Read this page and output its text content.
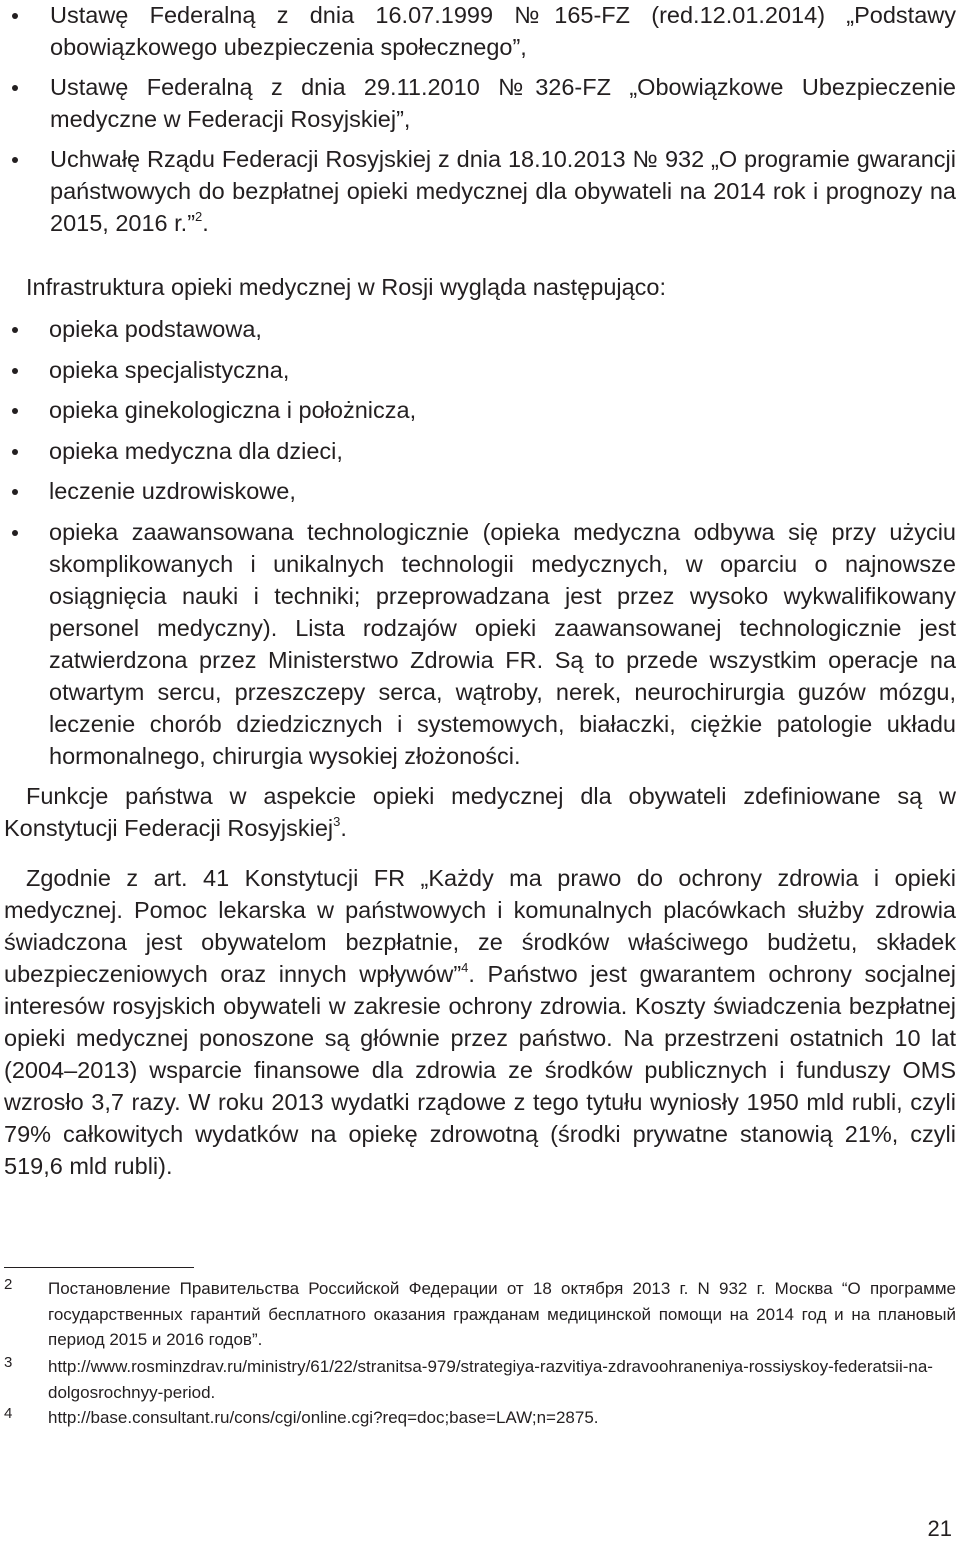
Ustawę Federalną z dnia 16.07.1999 №165-FZ (red.12.01.2014) „Podstawy obowiązkowego ubezpieczenia społecznego”,
Ustawę Federalną z dnia 29.11.2010 №326-FZ „Obowiązkowe Ubezpieczenie medyczne w Federacji Rosyjskiej”,
Uchwałę Rządu Federacji Rosyjskiej z dnia 18.10.2013 № 932 „O programie gwarancji państwowych do bezpłatnej opieki medycznej dla obywateli na 2014 rok i prognozy na 2015, 2016 r.”$^2$.

Infrastruktura opieki medycznej w Rosji wygląda następująco:

opieka podstawowa,
opieka specjalistyczna,
opieka ginekologiczna i położnicza,
opieka medyczna dla dzieci,
leczenie uzdrowiskowe,
opieka zaawansowana technologicznie (opieka medyczna odbywa się przy użyciu skomplikowanych i unikalnych technologii medycznych, w oparciu o najnowsze osiągnięcia nauki i techniki; przeprowadzana jest przez wysoko wykwalifikowany personel medyczny). Lista rodzajów opieki zaawansowanej technologicznie jest zatwierdzona przez Ministerstwo Zdrowia FR. Są to przede wszystkim operacje na otwartym sercu, przeszczepy serca, wątroby, nerek, neurochirurgia guzów mózgu, leczenie chorób dziedzicznych i systemowych, białaczki, ciężkie patologie układu hormonalnego, chirurgia wysokiej złożoności.

Funkcje państwa w aspekcie opieki medycznej dla obywateli zdefiniowane są w Konstytucji Federacji Rosyjskiej$^3$.

Zgodnie z art. 41 Konstytucji FR „Każdy ma prawo do ochrony zdrowia i opieki medycznej. Pomoc lekarska w państwowych i komunalnych placówkach służby zdrowia świadczona jest obywatelom bezpłatnie, ze środków właściwego budżetu, składek ubezpieczeniowych oraz innych wpływów”$^4$. Państwo jest gwarantem ochrony socjalnej interesów rosyjskich obywateli w zakresie ochrony zdrowia. Koszty świadczenia bezpłatnej opieki medycznej ponoszone są głównie przez państwo. Na przestrzeni ostatnich 10 lat (2004–2013) wsparcie finansowe dla zdrowia ze środków publicznych i funduszy OMS wzrosło 3,7 razy. W roku 2013 wydatki rządowe z tego tytułu wyniosły 1950 mld rubli, czyli 79% całkowitych wydatków na opiekę zdrowotną (środki prywatne stanowią 21%, czyli 519,6 mld rubli).

2 Постановление Правительства Российской Федерации от 18 октября 2013 г. N 932 г. Москва “О программе государственных гарантий бесплатного оказания гражданам медицинской помощи на 2014 год и на плановый период 2015 и 2016 годов”.
3 http://www.rosminzdrav.ru/ministry/61/22/stranitsa-979/strategiya-razvitiya-zdravoohraneniya-rossiyskoy-federatsii-na-dolgosrochnyy-period.
4 http://base.consultant.ru/cons/cgi/online.cgi?req=doc;base=LAW;n=2875.
21
